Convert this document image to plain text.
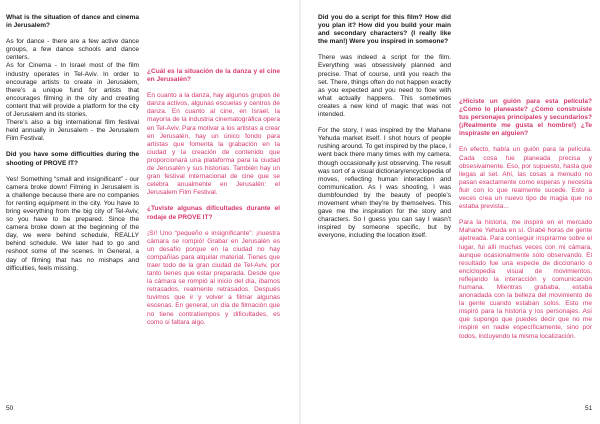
What is the situation of dance and cinema in Jerusalem?

As for dance - there are a few active dance groups, a few dance schools and dance centers.

As for Cinema - In Israel most of the film industry operates in Tel-Aviv. In order to encourage artists to create in Jerusalem, there’s a unique fund for artists that encourages filming in the city and creating content that will provide a platform for the city of Jerusalem and its stories.

There’s also a big international film festival held annually in Jerusalem - the Jerusalem Film Festival.

Did you have some difficulties during the shooting of PROVE IT?

Yes! Something “small and insignificant” - our camera broke down! Filming in Jerusalem is a challenge because there are no companies for renting equipment in the city. You have to bring everything from the big city of Tel-Aviv, so you have to be prepared. Since the camera broke down at the beginning of the day, we were behind schedule, REALLY behind schedule. We later had to go and reshoot some of the scenes. In General, a day of filming that has no mishaps and difficulties, feels missing.

¿Cuál es la situación de la danza y el cine en Jerusalén?

En cuanto a la danza, hay algunos grupos de danza activos, algunas escuelas y centros de danza. En cuanto al cine, en Israel, la mayoría de la industria cinematográfica opera en Tel-Aviv. Para motivar a los artistas a crear en Jerusalén, hay un único fondo para artistas que fomenta la grabación en la ciudad y la creación de contenido que proporcionará una plataforma para la ciudad de Jerusalén y sus historias. También hay un gran festival internacional de cine que se celebra anualmente en Jerusalén: el Jerusalem Film Festival.

¿Tuviste algunas dificultades durante el rodaje de PROVE IT?

¡Sí! Uno “pequeño e insignificante”: ¡nuestra cámara se rompió! Grabar en Jerusalén es un desafío porque en la ciudad no hay compañías para alquilar material. Tienes que traer todo de la gran ciudad de Tel-Aviv, por tanto tienes que estar preparada. Desde que la cámara se rompió al inicio del día, íbamos retrasados, realmente retrasados. Después tuvimos que ir y volver a filmar algunas escenas. En general, un día de filmación que no tiene contratiempos y dificultades, es como si faltara algo.

Did you do a script for this film? How did you plan it? How did you build your main and secondary characters? (I really like the man!) Were you inspired in someone?

There was indeed a script for the film. Everything was obsessively planned and precise. That of course, until you reach the set. There, things often do not happen exactly as you expected and you need to flow with what actually happens. This sometimes creates a new kind of magic that was not intended.

For the story, I was inspired by the Mahane Yehuda market itself. I shot hours of people rushing around. To get inspired by the place, I went back there many times with my camera, though occasionally just observing. The result was sort of a visual dictionary/encyclopedia of moves, reflecting human interaction and communication. As I was shooting, I was dumbfounded by the beauty of people’s movement when they’re by themselves. This gave me the inspiration for the story and characters. So I guess you can say I wasn’t inspired by someone specific, but by everyone, including the location itself.

¿Hiciste un guión para esta película? ¿Cómo lo planeaste? ¿Cómo construiste tus personajes principales y secundarios? (¡Realmente me gusta el hombre!) ¿Te inspiraste en alguien?

En efecto, había un guión para la película. Cada cosa fue planeada precisa y obsesivamente. Eso, por supuesto, hasta que llegas al set. Ahí, las cosas a menudo no pasan exactamente como esperas y necesita fluir con lo que realmente sucede. Esto a veces crea un nuevo tipo de magia que no estaba prevista...

Para la historia, me inspiré en el mercado Mahane Yehuda en sí. Grabé horas de gente ajetreada. Para conseguir inspirarme sobre el lugar, fui allí muchas veces con mi cámara, aunque ocasionalmente sólo observando. El resultado fue una especie de diccionario o enciclopedia visual de movimientos, reflejando la interacción y comunicación humana. Mientras grababa, estaba anonadada con la belleza del movimiento de la gente cuando estaban solos. Esto me inspiró para la historia y los personajes. Así que supongo que puedes decir que no me inspiré en nadie específicamente, sino por todos, incluyendo la misma localización.

50	51
